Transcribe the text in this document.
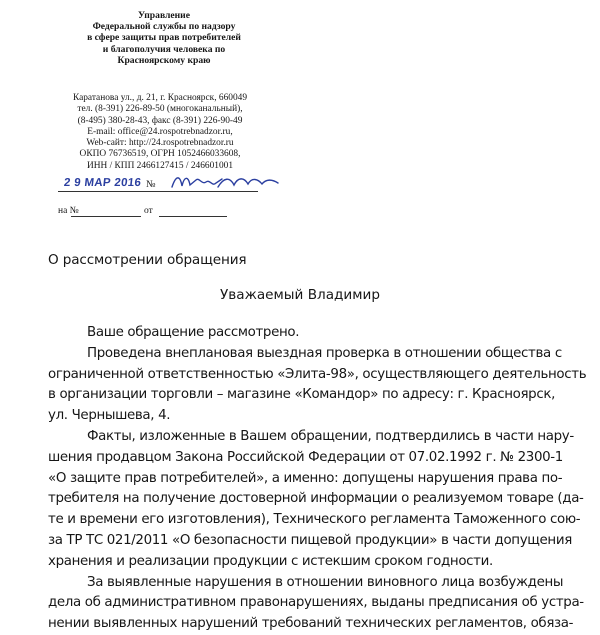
Управление
Федеральной службы по надзору
в сфере защиты прав потребителей
и благополучия человека по
Красноярскому краю
Каратанова ул., д. 21, г. Красноярск, 660049
тел. (8-391) 226-89-50 (многоканальный),
(8-495) 380-28-43, факс (8-391) 226-90-49
E-mail: office@24.rospotrebnadzor.ru,
Web-сайт: http://24.rospotrebnadzor.ru
ОКПО 76736519, ОГРН 1052466033608,
ИНН / КПП 2466127415 / 246601001
2 9 МАР 2016 №
на №	от
О рассмотрении обращения
Уважаемый Владимир
Ваше обращение рассмотрено.
Проведена внеплановая выездная проверка в отношении общества с
ограниченной ответственностью «Элита-98», осуществляющего деятельность
в организации торговли – магазине «Командор» по адресу: г. Красноярск,
ул. Чернышева, 4.
Факты, изложенные в Вашем обращении, подтвердились в части нару-
шения продавцом Закона Российской Федерации от 07.02.1992 г. № 2300-1
«О защите прав потребителей», а именно: допущены нарушения права по-
требителя на получение достоверной информации о реализуемом товаре (да-
те и времени его изготовления), Технического регламента Таможенного сою-
за ТР ТС 021/2011 «О безопасности пищевой продукции» в части допущения
хранения и реализации продукции с истекшим сроком годности.
За выявленные нарушения в отношении виновного лица возбуждены
дела об административном правонарушениях, выданы предписания об устра-
нении выявленных нарушений требований технических регламентов, обяза-
